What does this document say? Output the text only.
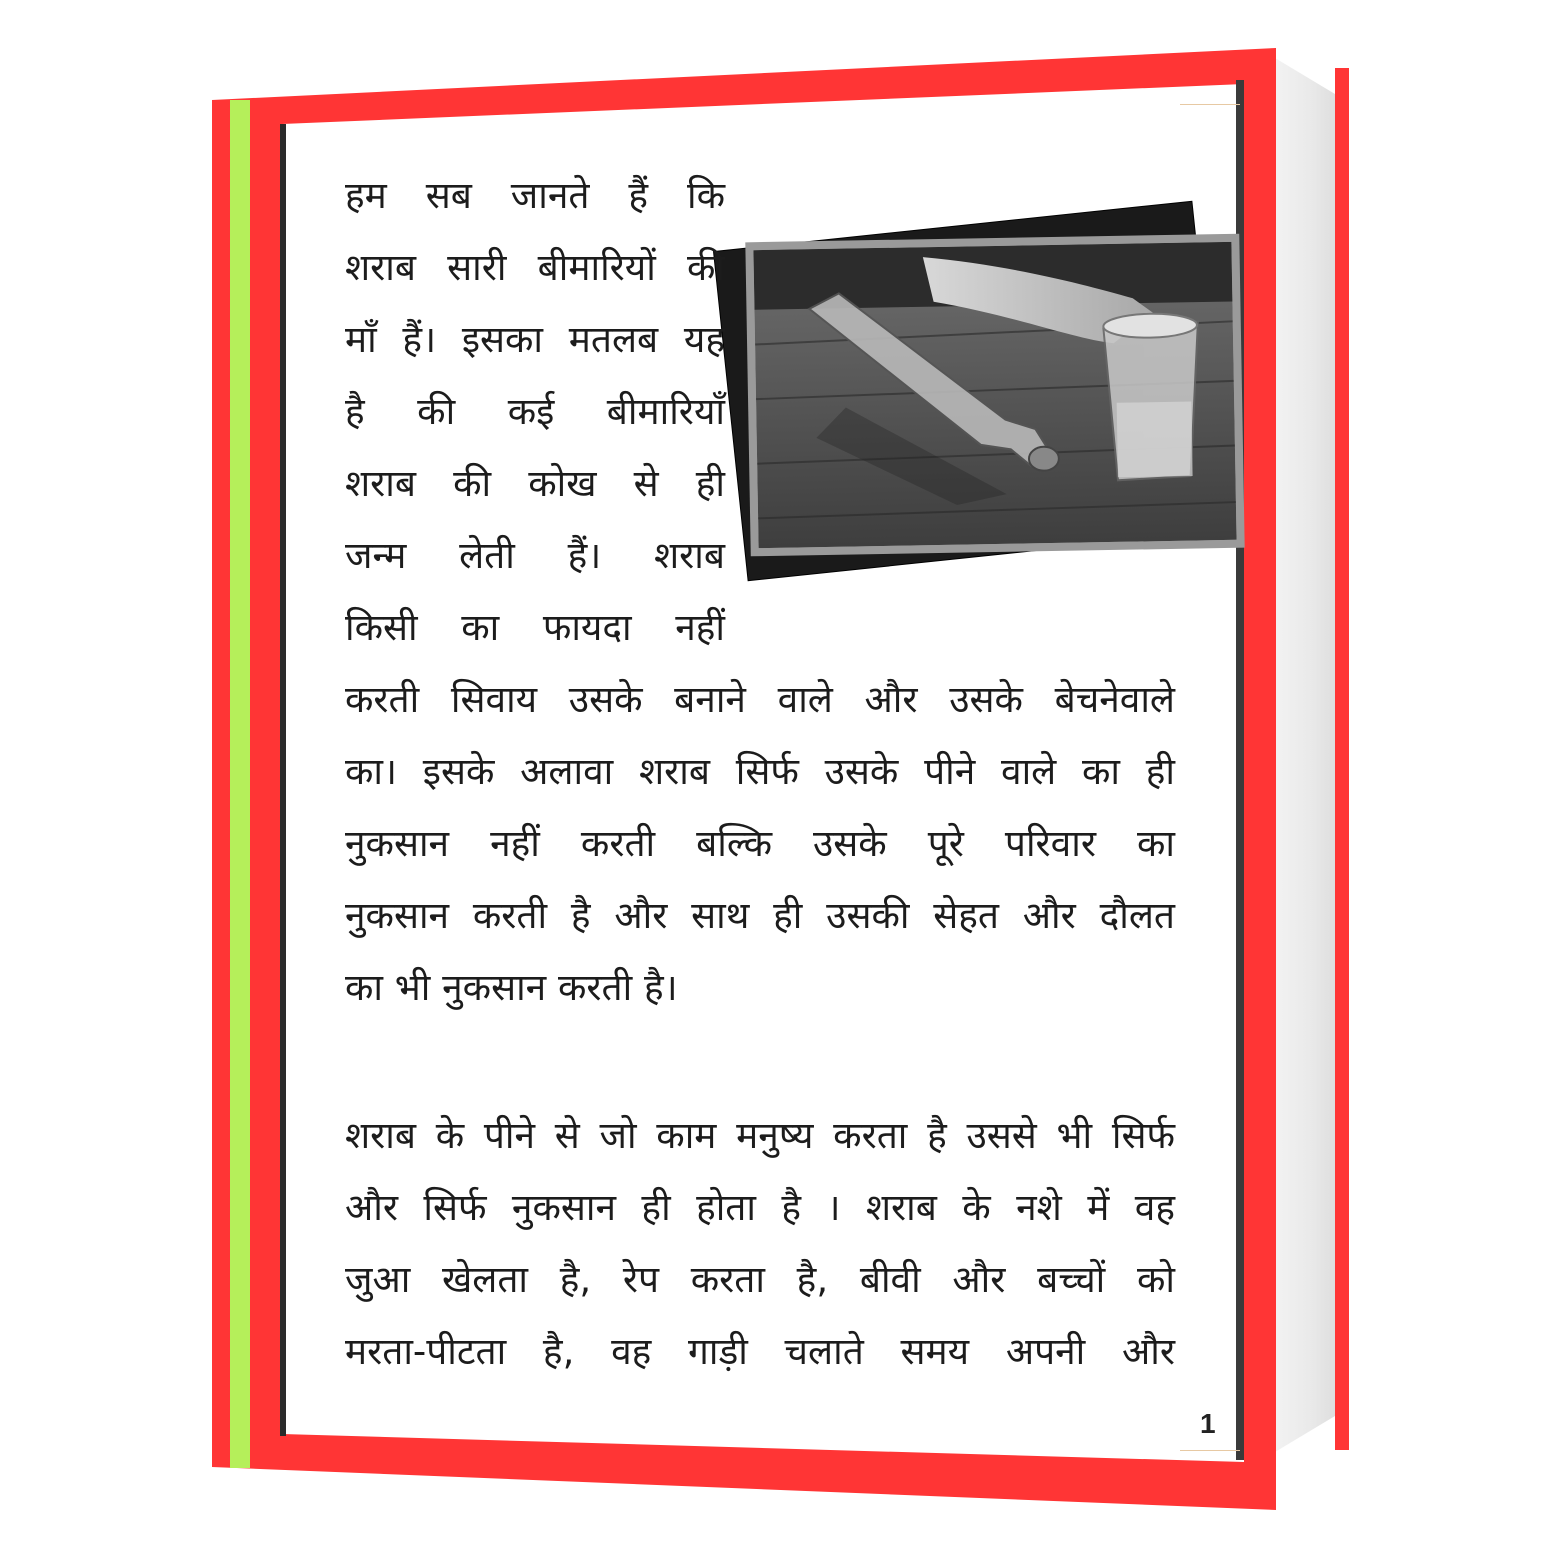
हम सब जानते हैं कि
शराब सारी बीमारियों की
माँ हैं। इसका मतलब यह
है की कई बीमारियाँ
शराब की कोख से ही
जन्म लेती हैं। शराब
किसी का फायदा नहीं
करती सिवाय उसके बनाने वाले और उसके बेचनेवाले
का। इसके अलावा शराब सिर्फ उसके पीने वाले का ही
नुकसान नहीं करती बल्कि उसके पूरे परिवार का
नुकसान करती है और साथ ही उसकी सेहत और दौलत
का भी नुकसान करती है।
शराब के पीने से जो काम मनुष्य करता है उससे भी सिर्फ
और सिर्फ नुकसान ही होता है । शराब के नशे में वह
जुआ खेलता है, रेप करता है, बीवी और बच्चों को
मरता-पीटता है, वह गाड़ी चलाते समय अपनी और
1
